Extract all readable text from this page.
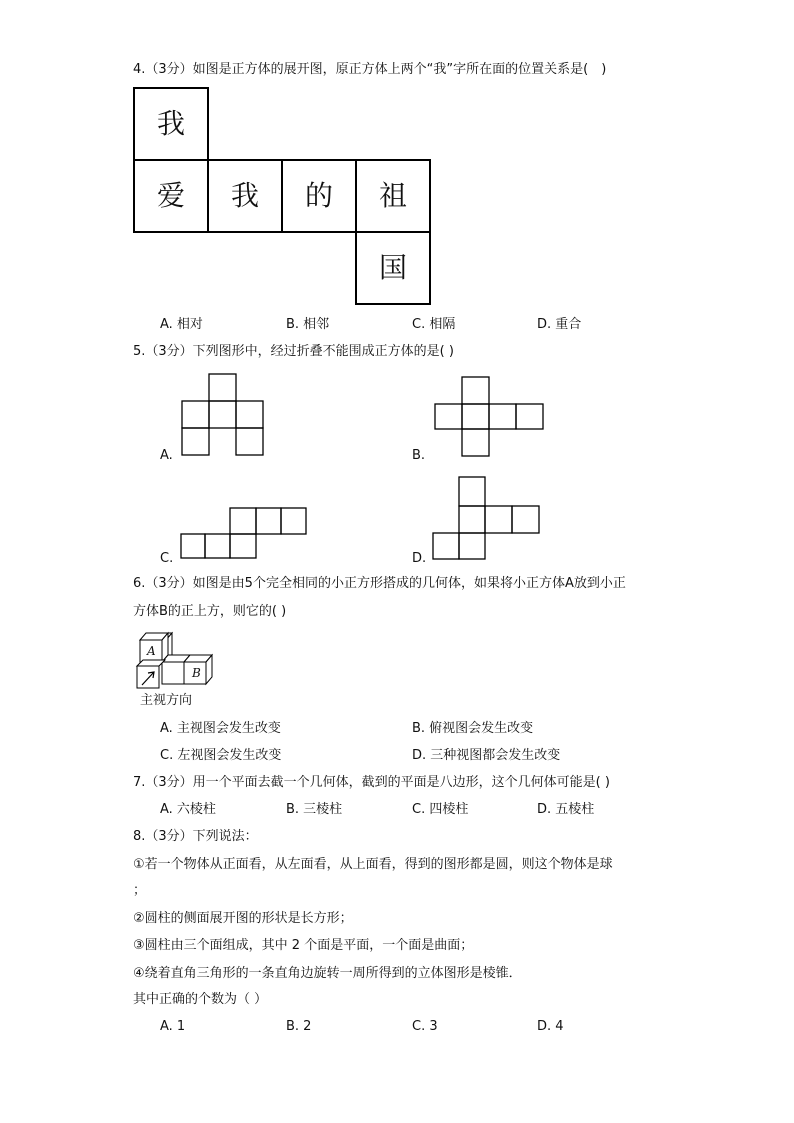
4.（3分）如图是正方体的展开图，原正方体上两个“我”字所在面的位置关系是(　)
我
爱	我	的	祖
国
A. 相对	B. 相邻	C. 相隔	D. 重合
5.（3分）下列图形中，经过折叠不能围成正方体的是( )
A.	B.
C.	D.
6.（3分）如图是由5个完全相同的小正方形搭成的几何体，如果将小正方体A放到小正
方体B的正上方，则它的( )
A
B
主视方向
A. 主视图会发生改变	B. 俯视图会发生改变
C. 左视图会发生改变	D. 三种视图都会发生改变
7.（3分）用一个平面去截一个几何体，截到的平面是八边形，这个几何体可能是( )
A. 六棱柱	B. 三棱柱	C. 四棱柱	D. 五棱柱
8.（3分）下列说法：
①若一个物体从正面看，从左面看，从上面看，得到的图形都是圆，则这个物体是球
；
②圆柱的侧面展开图的形状是长方形；
③圆柱由三个面组成，其中 2 个面是平面，一个面是曲面；
④绕着直角三角形的一条直角边旋转一周所得到的立体图形是棱锥．
其中正确的个数为（ ）
A. 1	B. 2	C. 3	D. 4
